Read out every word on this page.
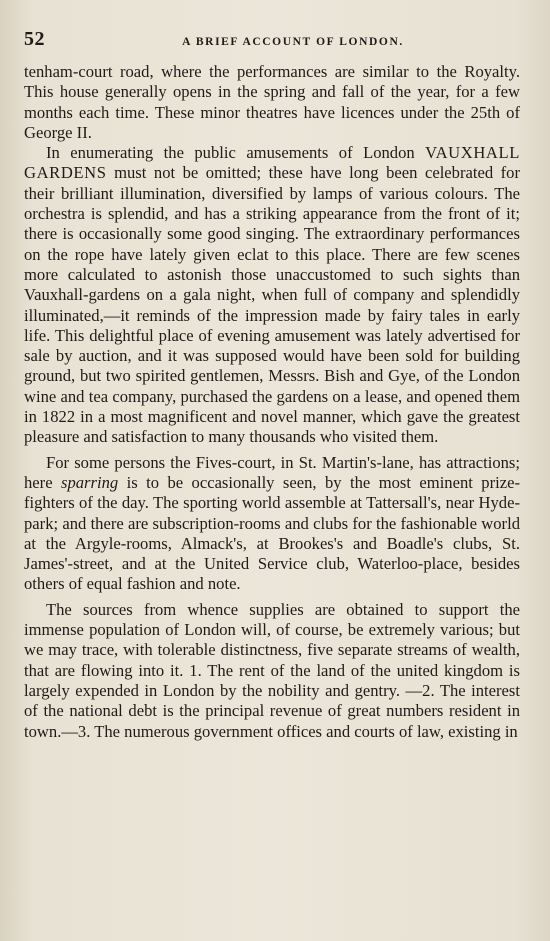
52	A BRIEF ACCOUNT OF LONDON.

tenham-court road, where the performances are similar to the Royalty. This house generally opens in the spring and fall of the year, for a few months each time. These minor theatres have licences under the 25th of George II.

In enumerating the public amusements of London VAUXHALL GARDENS must not be omitted; these have long been celebrated for their brilliant illumination, diversified by lamps of various colours. The orchestra is splendid, and has a striking appearance from the front of it; there is occasionally some good singing. The extraordinary performances on the rope have lately given eclat to this place. There are few scenes more calculated to astonish those unaccustomed to such sights than Vauxhall-gardens on a gala night, when full of company and splendidly illuminated,—it reminds of the impression made by fairy tales in early life. This delightful place of evening amusement was lately advertised for sale by auction, and it was supposed would have been sold for building ground, but two spirited gentlemen, Messrs. Bish and Gye, of the London wine and tea company, purchased the gardens on a lease, and opened them in 1822 in a most magnificent and novel manner, which gave the greatest pleasure and satisfaction to many thousands who visited them.

For some persons the Fives-court, in St. Martin's-lane, has attractions; here sparring is to be occasionally seen, by the most eminent prize-fighters of the day. The sporting world assemble at Tattersall's, near Hyde-park; and there are subscription-rooms and clubs for the fashionable world at the Argyle-rooms, Almack's, at Brookes's and Boadle's clubs, St. James'-street, and at the United Service club, Waterloo-place, besides others of equal fashion and note.

The sources from whence supplies are obtained to support the immense population of London will, of course, be extremely various; but we may trace, with tolerable distinctness, five separate streams of wealth, that are flowing into it. 1. The rent of the land of the united kingdom is largely expended in London by the nobility and gentry. —2. The interest of the national debt is the principal revenue of great numbers resident in town.—3. The numerous government offices and courts of law, existing in
